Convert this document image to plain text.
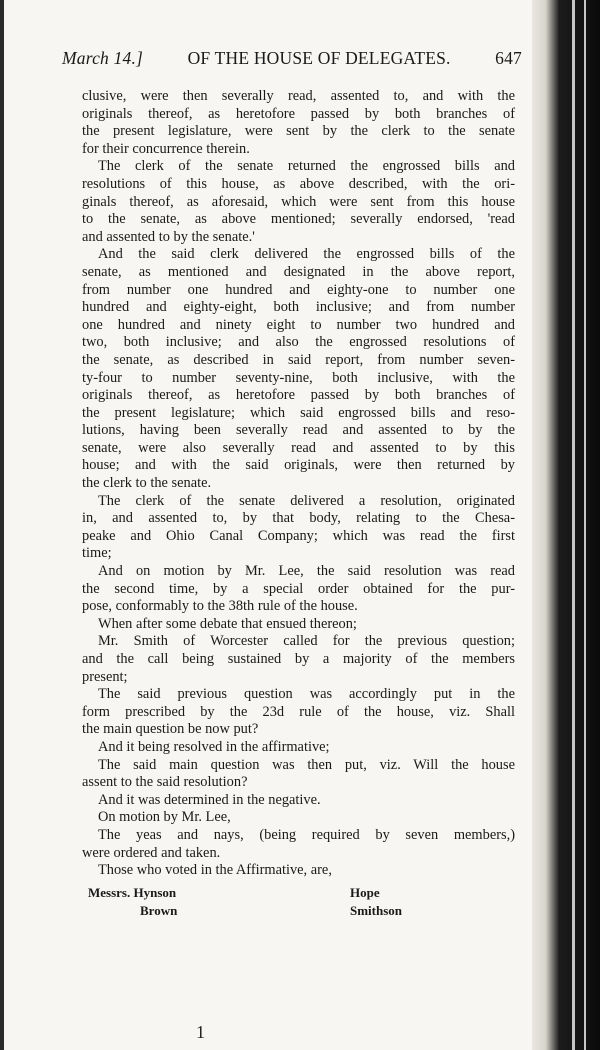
March 14.]	OF THE HOUSE OF DELEGATES.	647
clusive, were then severally read, assented to, and with the
originals thereof, as heretofore passed by both branches of
the present legislature, were sent by the clerk to the senate
for their concurrence therein.
The clerk of the senate returned the engrossed bills and
resolutions of this house, as above described, with the ori-
ginals thereof, as aforesaid, which were sent from this house
to the senate, as above mentioned; severally endorsed, 'read
and assented to by the senate.'
And the said clerk delivered the engrossed bills of the
senate, as mentioned and designated in the above report,
from number one hundred and eighty-one to number one
hundred and eighty-eight, both inclusive; and from number
one hundred and ninety eight to number two hundred and
two, both inclusive; and also the engrossed resolutions of
the senate, as described in said report, from number seven-
ty-four to number seventy-nine, both inclusive, with the
originals thereof, as heretofore passed by both branches of
the present legislature; which said engrossed bills and reso-
lutions, having been severally read and assented to by the
senate, were also severally read and assented to by this
house; and with the said originals, were then returned by
the clerk to the senate.
The clerk of the senate delivered a resolution, originated
in, and assented to, by that body, relating to the Chesa-
peake and Ohio Canal Company; which was read the first
time;
And on motion by Mr. Lee, the said resolution was read
the second time, by a special order obtained for the pur-
pose, conformably to the 38th rule of the house.
When after some debate that ensued thereon;
Mr. Smith of Worcester called for the previous question;
and the call being sustained by a majority of the members
present;
The said previous question was accordingly put in the
form prescribed by the 23d rule of the house, viz. Shall
the main question be now put?
And it being resolved in the affirmative;
The said main question was then put, viz. Will the house
assent to the said resolution?
And it was determined in the negative.
On motion by Mr. Lee,
The yeas and nays, (being required by seven members,)
were ordered and taken.
Those who voted in the Affirmative, are,
Messrs. Hynson
Brown
Hope
Smithson
1
